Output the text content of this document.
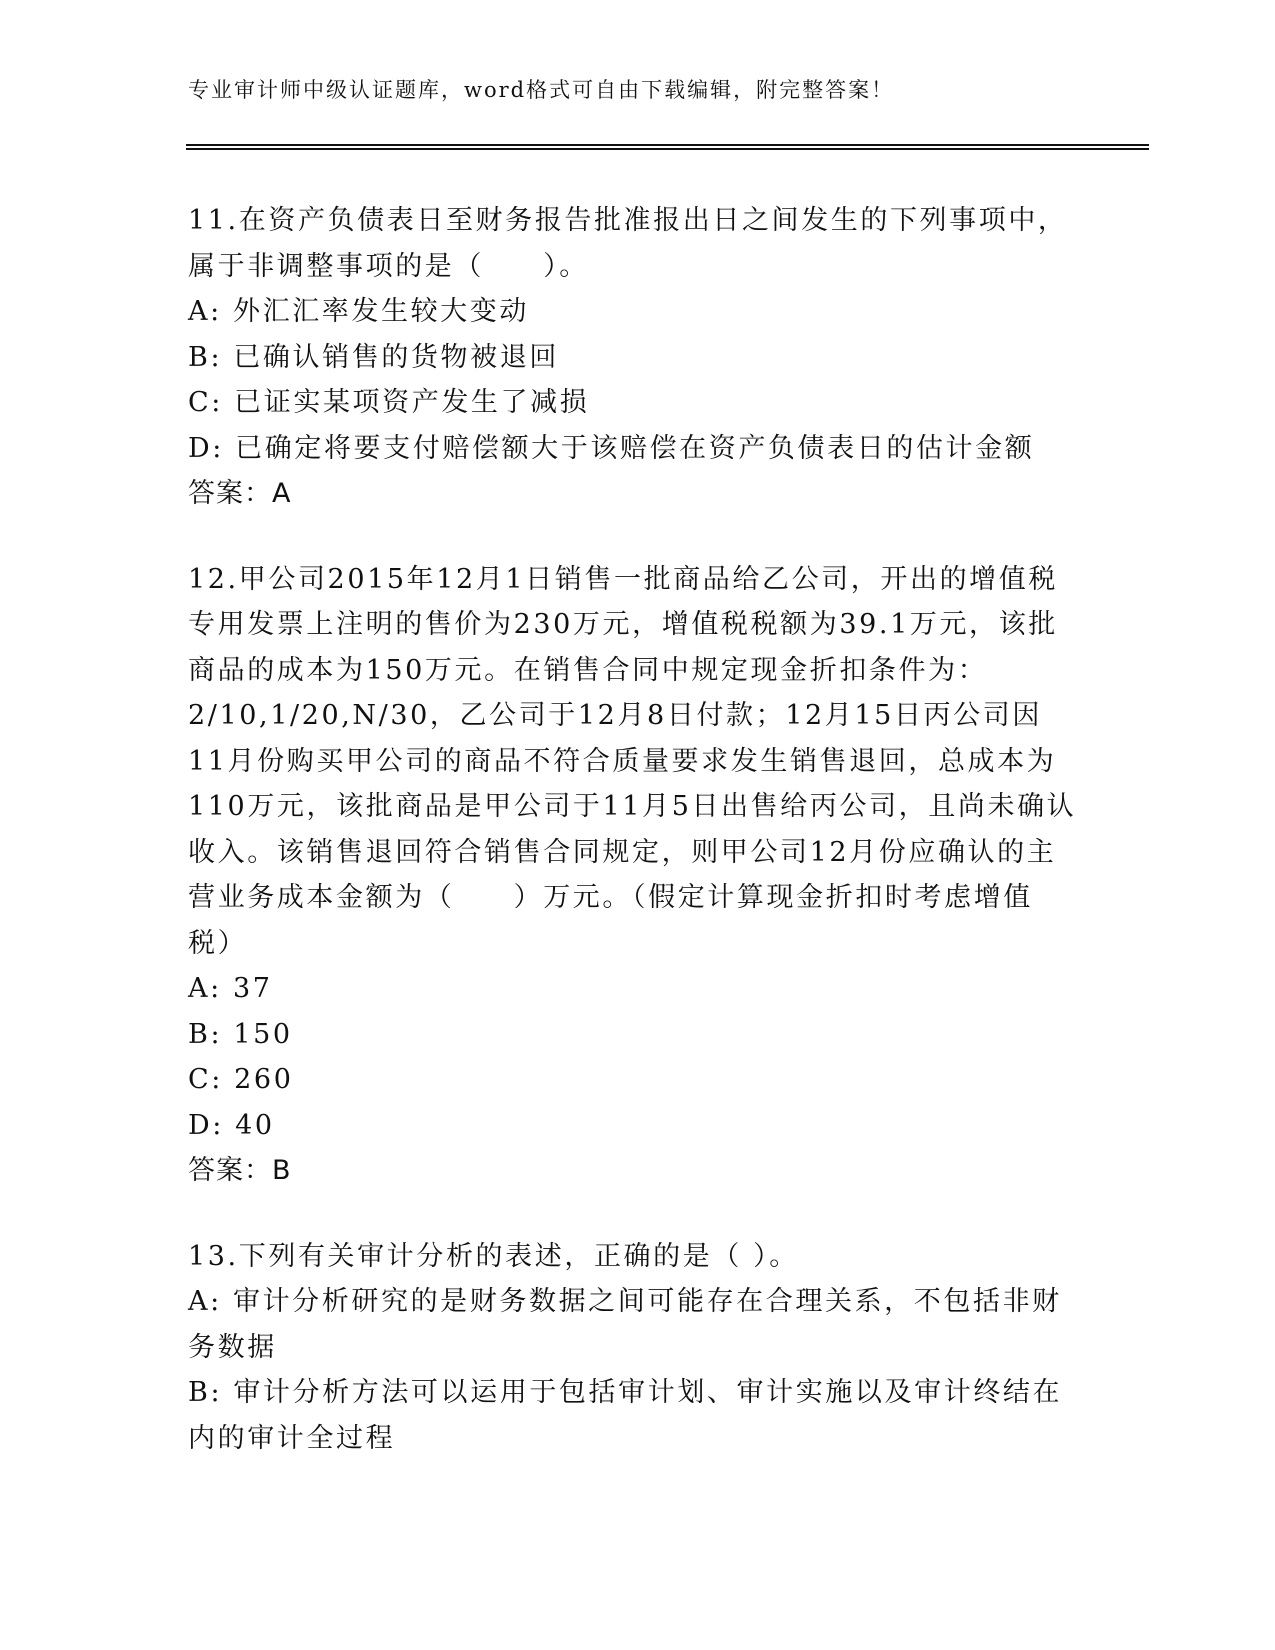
专业审计师中级认证题库，word格式可自由下载编辑，附完整答案！

11.在资产负债表日至财务报告批准报出日之间发生的下列事项中，属于非调整事项的是（　　）。

A: 外汇汇率发生较大变动

B: 已确认销售的货物被退回

C: 已证实某项资产发生了减损

D: 已确定将要支付赔偿额大于该赔偿在资产负债表日的估计金额

答案：A

12.甲公司2015年12月1日销售一批商品给乙公司，开出的增值税专用发票上注明的售价为230万元，增值税税额为39.1万元，该批商品的成本为150万元。在销售合同中规定现金折扣条件为：2/10,1/20,N/30，乙公司于12月8日付款；12月15日丙公司因11月份购买甲公司的商品不符合质量要求发生销售退回，总成本为110万元，该批商品是甲公司于11月5日出售给丙公司，且尚未确认收入。该销售退回符合销售合同规定，则甲公司12月份应确认的主营业务成本金额为（　　）万元。（假定计算现金折扣时考虑增值税）

A: 37

B: 150

C: 260

D: 40

答案：B

13.下列有关审计分析的表述，正确的是（ ）。

A: 审计分析研究的是财务数据之间可能存在合理关系，不包括非财务数据

B: 审计分析方法可以运用于包括审计划、审计实施以及审计终结在内的审计全过程
